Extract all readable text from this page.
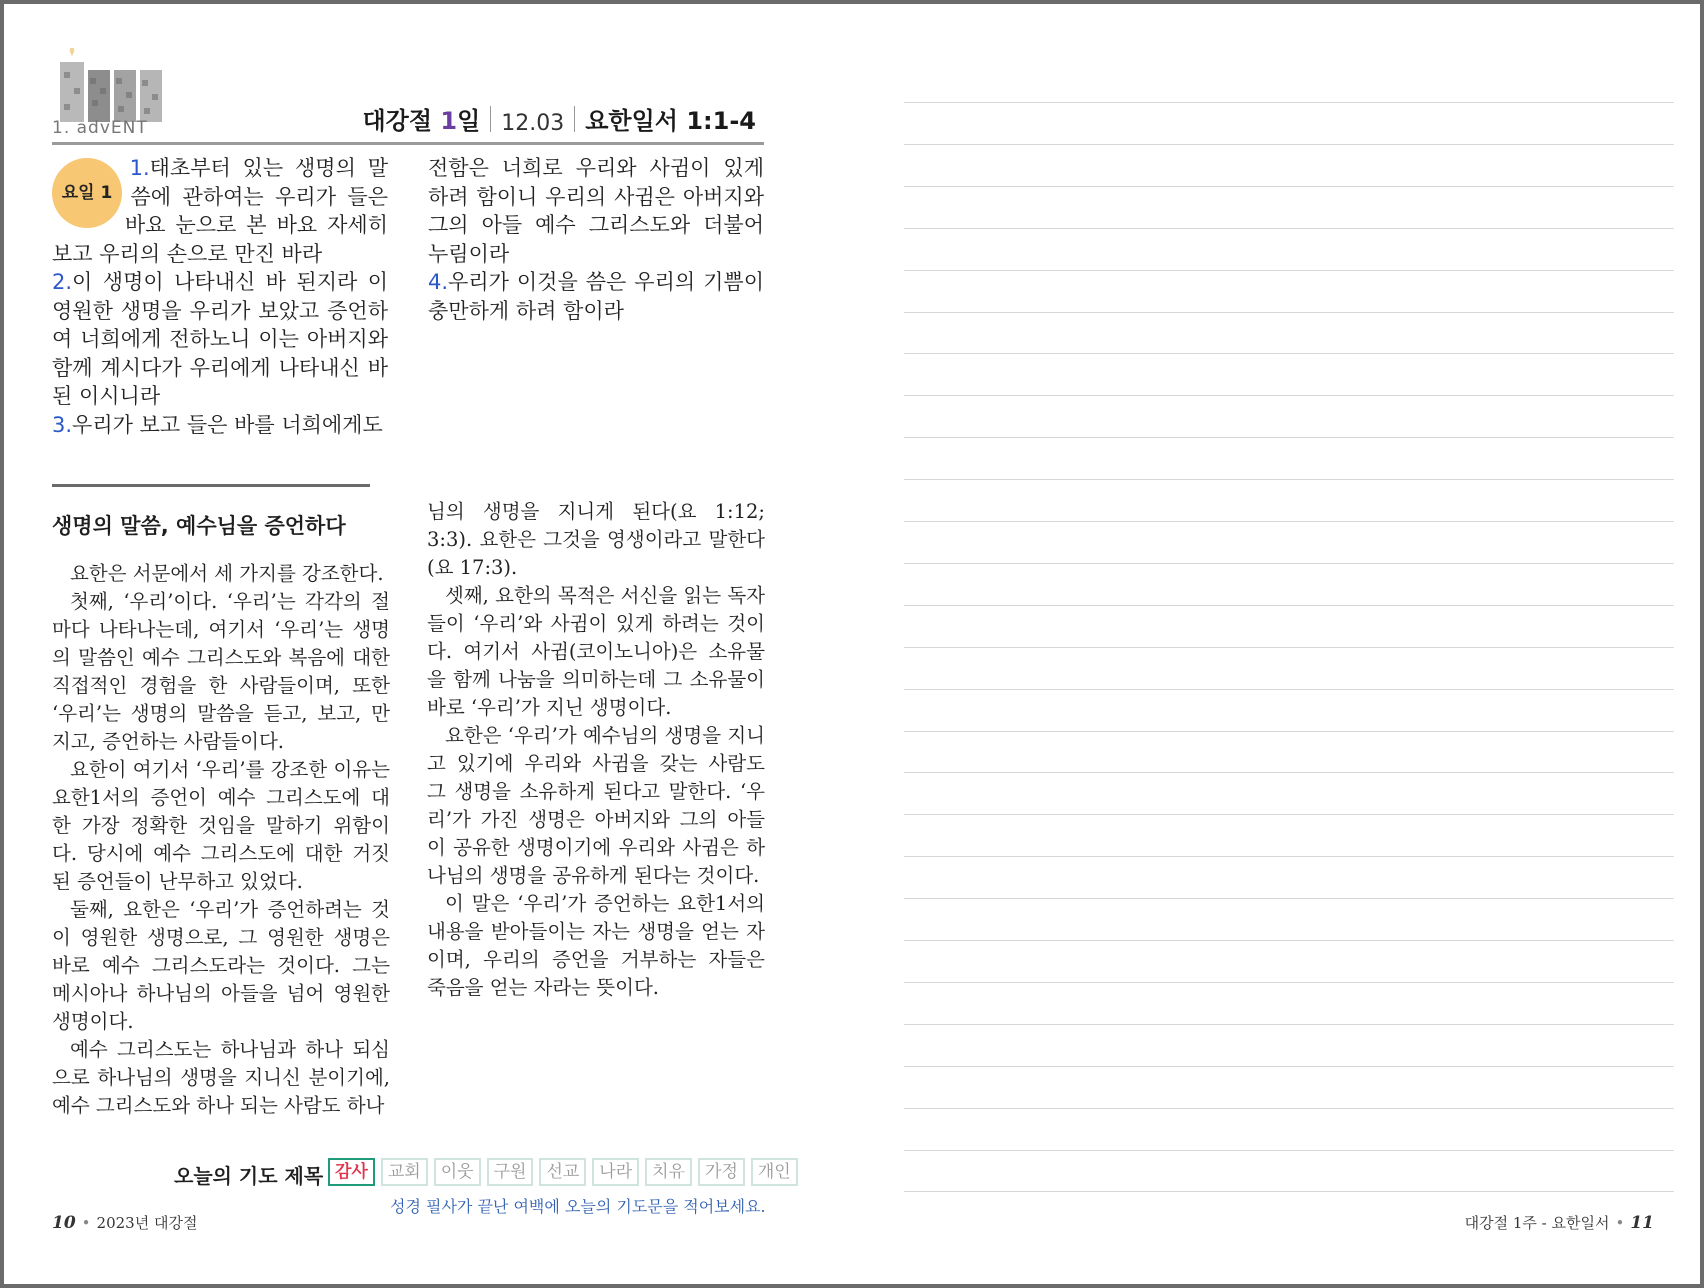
1. advENT	대강절 1일 12.03 요한일서 1:1-4
요일 1
1.태초부터 있는 생명의 말씀에 관하여는 우리가 들은 바요 눈으로 본 바요 자세히 보고 우리의 손으로 만진 바라
2.이 생명이 나타내신 바 된지라 이 영원한 생명을 우리가 보았고 증언하여 너희에게 전하노니 이는 아버지와 함께 계시다가 우리에게 나타내신 바 된 이시니라
3.우리가 보고 들은 바를 너희에게도
전함은 너희로 우리와 사귐이 있게 하려 함이니 우리의 사귐은 아버지와 그의 아들 예수 그리스도와 더불어 누림이라
4.우리가 이것을 씀은 우리의 기쁨이 충만하게 하려 함이라
생명의 말씀, 예수님을 증언하다

요한은 서문에서 세 가지를 강조한다.

첫째, ‘우리’이다. ‘우리’는 각각의 절마다 나타나는데, 여기서 ‘우리’는 생명의 말씀인 예수 그리스도와 복음에 대한 직접적인 경험을 한 사람들이며, 또한 ‘우리’는 생명의 말씀을 듣고, 보고, 만지고, 증언하는 사람들이다.

요한이 여기서 ‘우리’를 강조한 이유는 요한1서의 증언이 예수 그리스도에 대한 가장 정확한 것임을 말하기 위함이다. 당시에 예수 그리스도에 대한 거짓된 증언들이 난무하고 있었다.

둘째, 요한은 ‘우리’가 증언하려는 것이 영원한 생명으로, 그 영원한 생명은 바로 예수 그리스도라는 것이다. 그는 메시아나 하나님의 아들을 넘어 영원한 생명이다.

예수 그리스도는 하나님과 하나 되심으로 하나님의 생명을 지니신 분이기에, 예수 그리스도와 하나 되는 사람도 하나

님의 생명을 지니게 된다(요 1:12; 3:3). 요한은 그것을 영생이라고 말한다(요 17:3).

셋째, 요한의 목적은 서신을 읽는 독자들이 ‘우리’와 사귐이 있게 하려는 것이다. 여기서 사귐(코이노니아)은 소유물을 함께 나눔을 의미하는데 그 소유물이 바로 ‘우리’가 지닌 생명이다.

요한은 ‘우리’가 예수님의 생명을 지니고 있기에 우리와 사귐을 갖는 사람도 그 생명을 소유하게 된다고 말한다. ‘우리’가 가진 생명은 아버지와 그의 아들이 공유한 생명이기에 우리와 사귐은 하나님의 생명을 공유하게 된다는 것이다.

이 말은 ‘우리’가 증언하는 요한1서의 내용을 받아들이는 자는 생명을 얻는 자이며, 우리의 증언을 거부하는 자들은 죽음을 얻는 자라는 뜻이다.

오늘의 기도 제목 감사	교회	이웃	구원	선교	나라	치유	가정	개인
성경 필사가 끝난 여백에 오늘의 기도문을 적어보세요.
10 • 2023년 대강절	대강절 1주 - 요한일서 • 11
